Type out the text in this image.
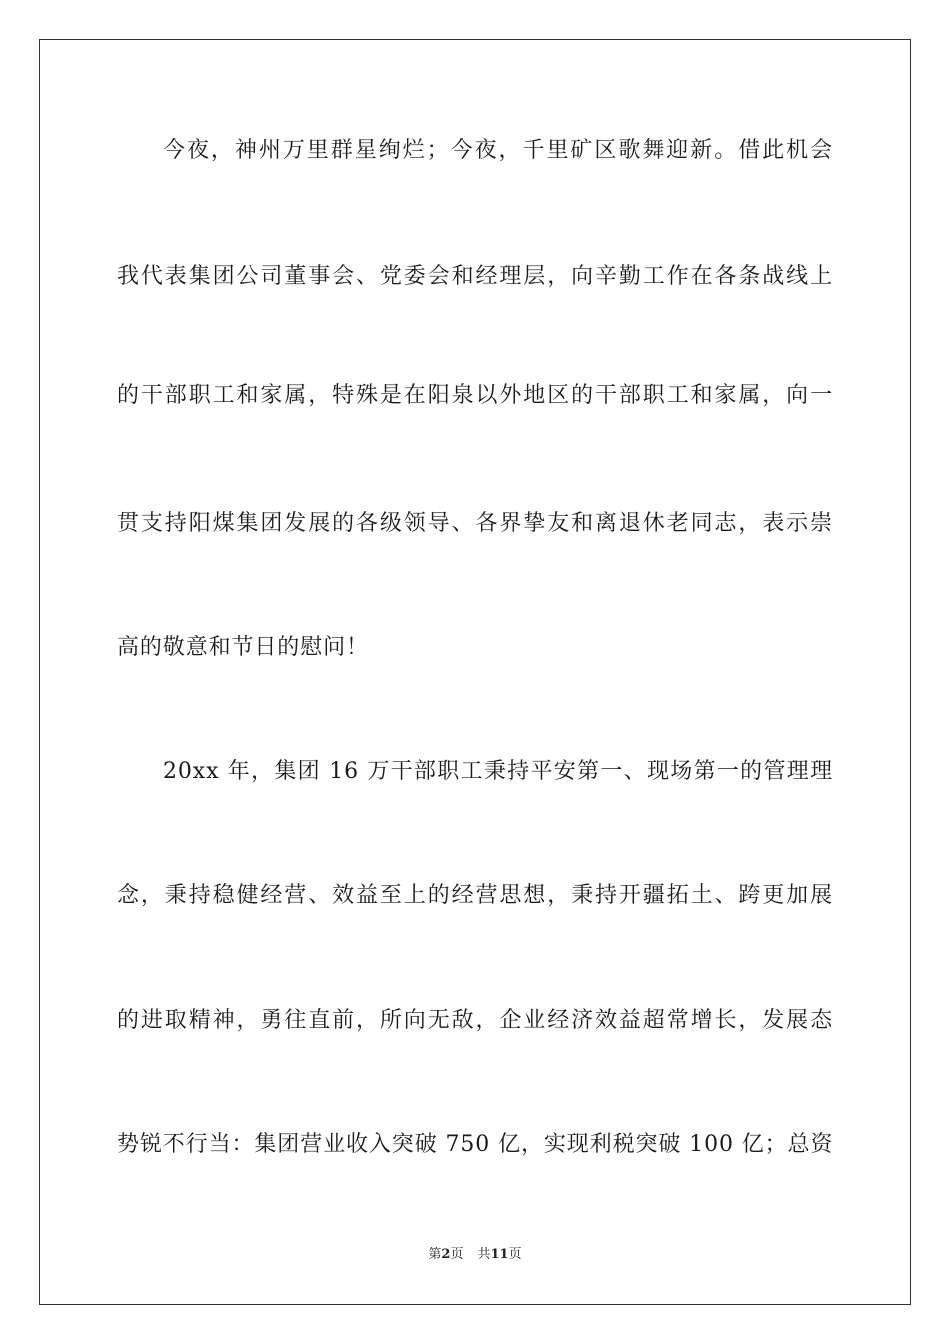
今夜，神州万里群星绚烂；今夜，千里矿区歌舞迎新。借此机会
我代表集团公司董事会、党委会和经理层，向辛勤工作在各条战线上
的干部职工和家属，特殊是在阳泉以外地区的干部职工和家属，向一
贯支持阳煤集团发展的各级领导、各界挚友和离退休老同志，表示崇
高的敬意和节日的慰问！
20xx 年，集团 16 万干部职工秉持平安第一、现场第一的管理理
念，秉持稳健经营、效益至上的经营思想，秉持开疆拓土、跨更加展
的进取精神，勇往直前，所向无敌，企业经济效益超常增长，发展态
势锐不行当：集团营业收入突破 750 亿，实现利税突破 100 亿；总资
第2页 共11页
